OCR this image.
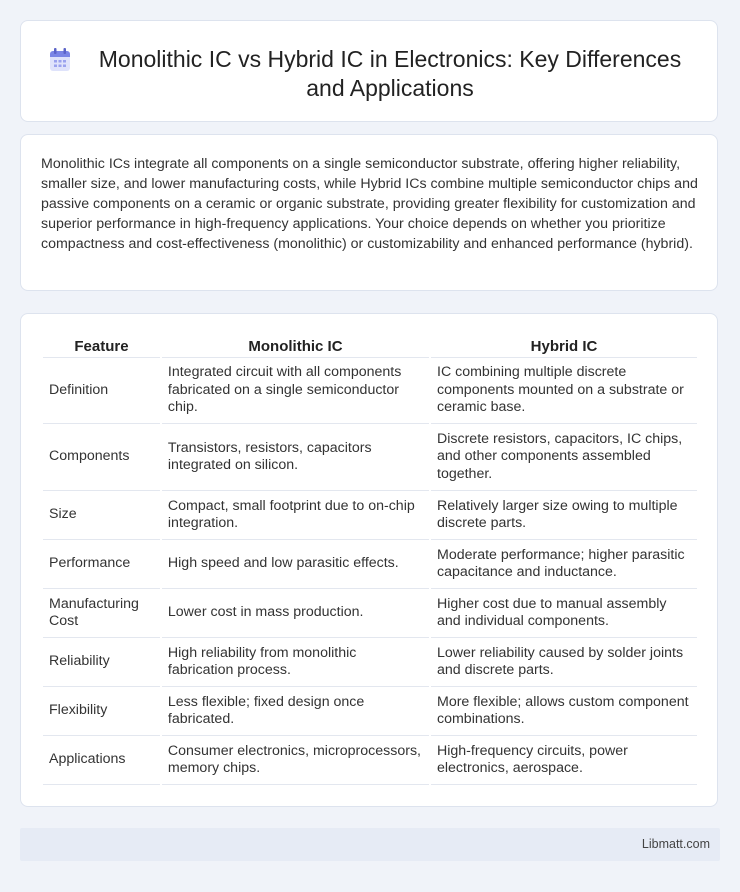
Monolithic IC vs Hybrid IC in Electronics: Key Differences and Applications

Monolithic ICs integrate all components on a single semiconductor substrate, offering higher reliability, smaller size, and lower manufacturing costs, while Hybrid ICs combine multiple semiconductor chips and passive components on a ceramic or organic substrate, providing greater flexibility for customization and superior performance in high-frequency applications. Your choice depends on whether you prioritize compactness and cost-effectiveness (monolithic) or customizability and enhanced performance (hybrid).

Feature	Monolithic IC	Hybrid IC
Definition	Integrated circuit with all components fabricated on a single semiconductor chip.	IC combining multiple discrete components mounted on a substrate or ceramic base.
Components	Transistors, resistors, capacitors integrated on silicon.	Discrete resistors, capacitors, IC chips, and other components assembled together.
Size	Compact, small footprint due to on-chip integration.	Relatively larger size owing to multiple discrete parts.
Performance	High speed and low parasitic effects.	Moderate performance; higher parasitic capacitance and inductance.
Manufacturing Cost	Lower cost in mass production.	Higher cost due to manual assembly and individual components.
Reliability	High reliability from monolithic fabrication process.	Lower reliability caused by solder joints and discrete parts.
Flexibility	Less flexible; fixed design once fabricated.	More flexible; allows custom component combinations.
Applications	Consumer electronics, microprocessors, memory chips.	High-frequency circuits, power electronics, aerospace.
Libmatt.com
